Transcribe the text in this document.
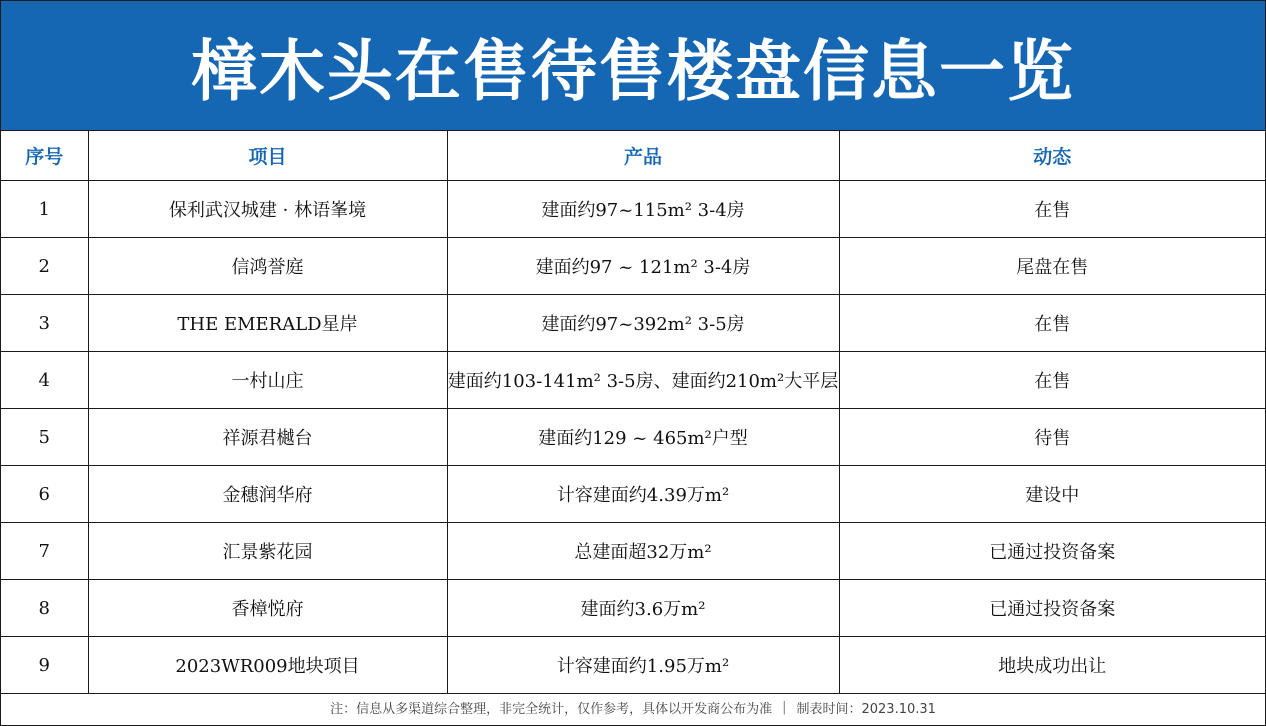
樟木头在售待售楼盘信息一览
序号	项目	产品	动态
1	保利武汉城建 · 林语峯境	建面约97~115m² 3-4房	在售
2	信鸿誉庭	建面约97 ~ 121m² 3-4房	尾盘在售
3	THE EMERALD星岸	建面约97~392m² 3-5房	在售
4	一村山庄	建面约103-141m² 3-5房、建面约210m²大平层	在售
5	祥源君樾台	建面约129 ~ 465m²户型	待售
6	金穗润华府	计容建面约4.39万m²	建设中
7	汇景紫花园	总建面超32万m²	已通过投资备案
8	香樟悦府	建面约3.6万m²	已通过投资备案
9	2023WR009地块项目	计容建面约1.95万m²	地块成功出让
注：信息从多渠道综合整理，非完全统计，仅作参考，具体以开发商公布为准 | 制表时间：2023.10.31
